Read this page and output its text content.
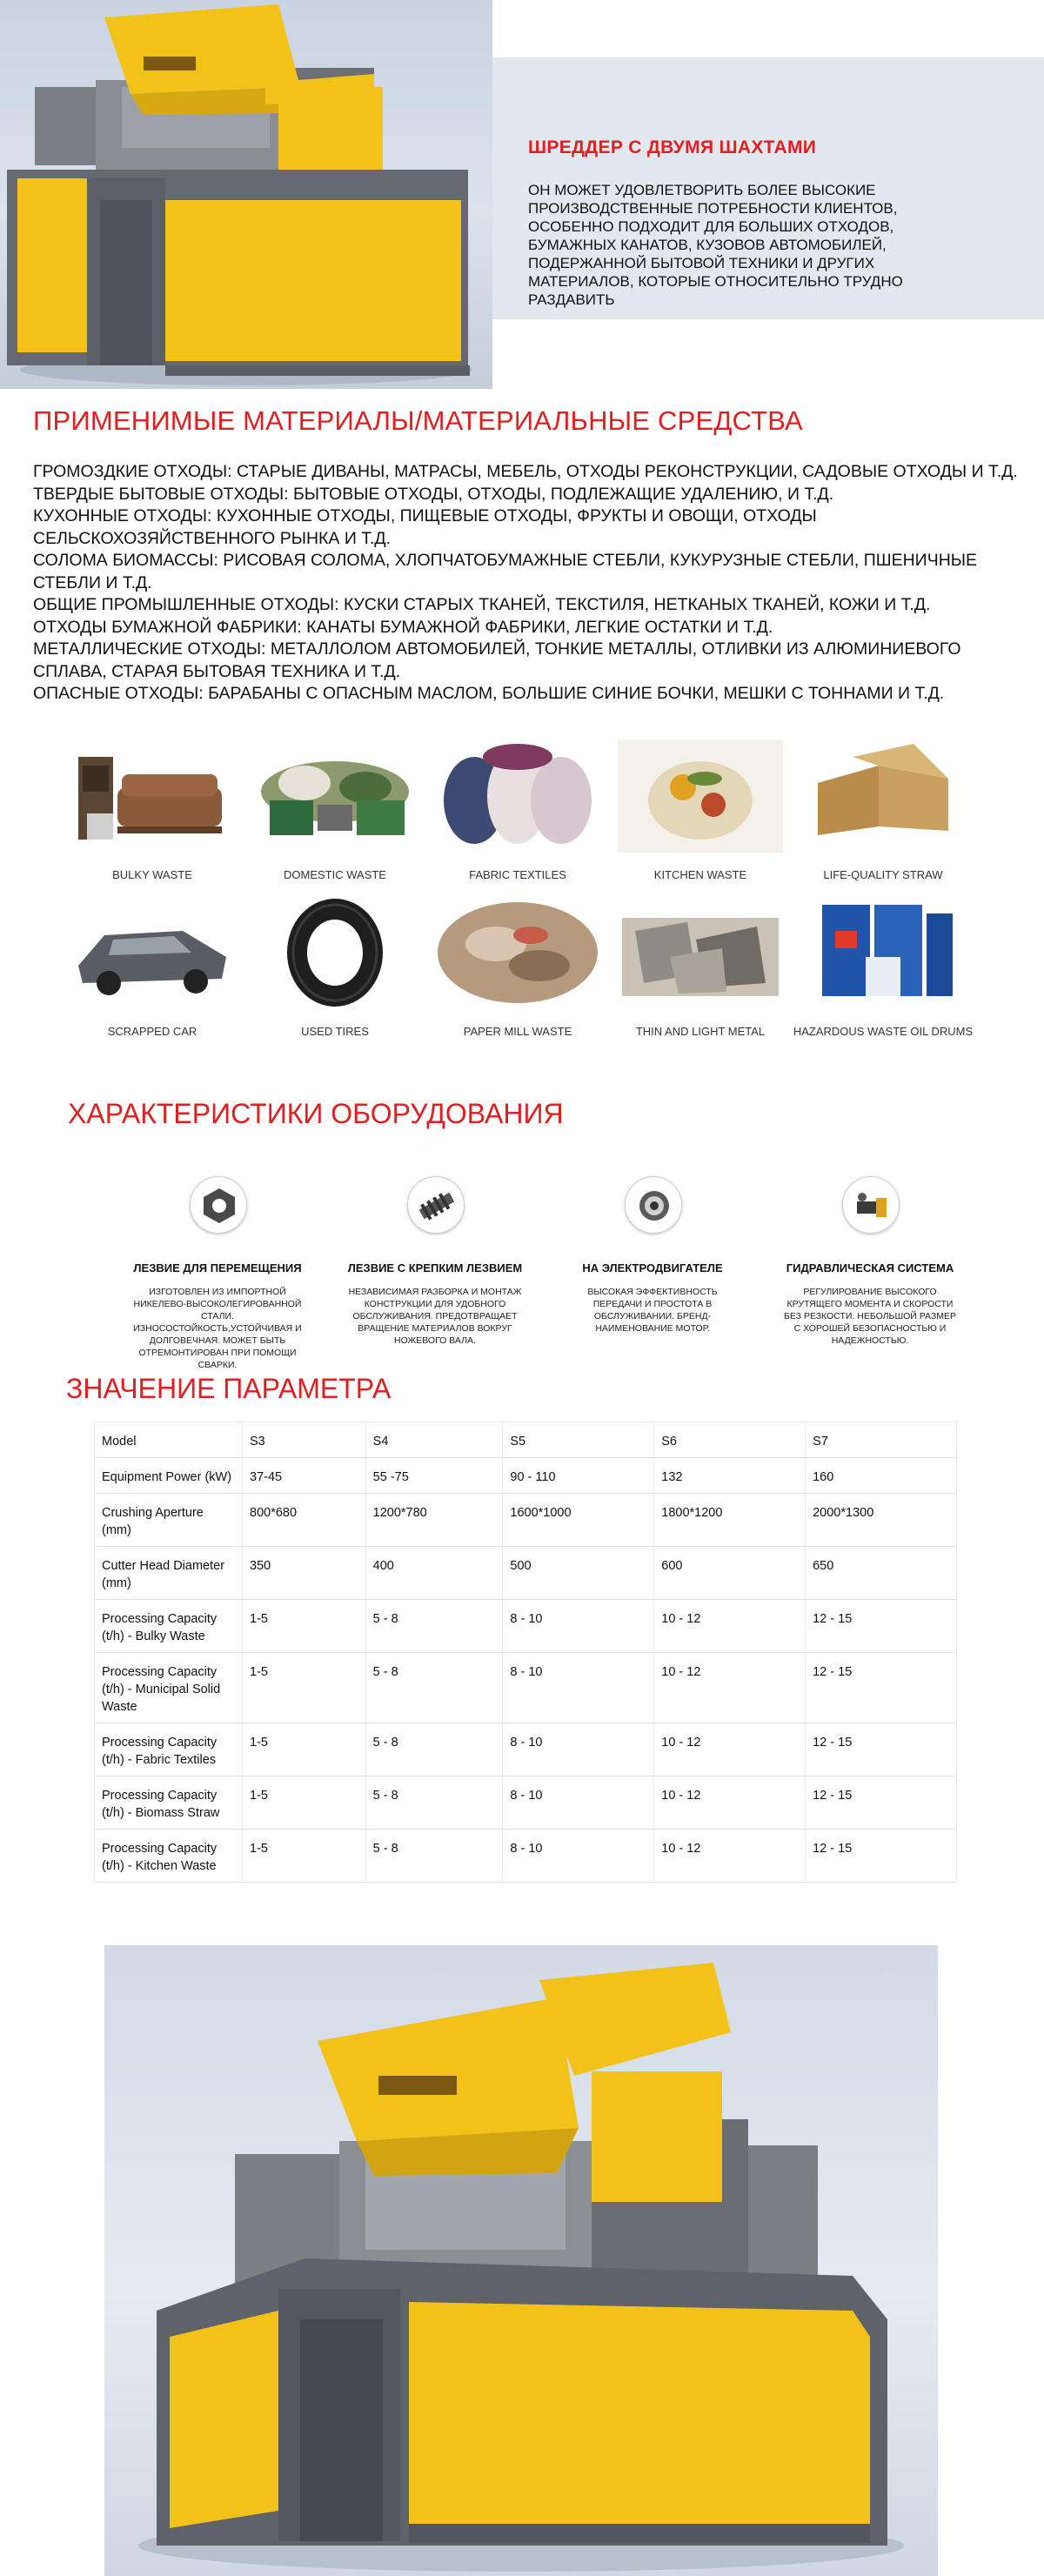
ШРЕДДЕР С ДВУМЯ ШАХТАМИ
ОН МОЖЕТ УДОВЛЕТВОРИТЬ БОЛЕЕ ВЫСОКИЕ ПРОИЗВОДСТВЕННЫЕ ПОТРЕБНОСТИ КЛИЕНТОВ, ОСОБЕННО ПОДХОДИТ ДЛЯ БОЛЬШИХ ОТХОДОВ, БУМАЖНЫХ КАНАТОВ, КУЗОВОВ АВТОМОБИЛЕЙ, ПОДЕРЖАННОЙ БЫТОВОЙ ТЕХНИКИ И ДРУГИХ МАТЕРИАЛОВ, КОТОРЫЕ ОТНОСИТЕЛЬНО ТРУДНО РАЗДАВИТЬ
ПРИМЕНИМЫЕ МАТЕРИАЛЫ/МАТЕРИАЛЬНЫЕ СРЕДСТВА
ГРОМОЗДКИЕ ОТХОДЫ: СТАРЫЕ ДИВАНЫ, МАТРАСЫ, МЕБЕЛЬ, ОТХОДЫ РЕКОНСТРУКЦИИ, САДОВЫЕ ОТХОДЫ И Т.Д.
ТВЕРДЫЕ БЫТОВЫЕ ОТХОДЫ: БЫТОВЫЕ ОТХОДЫ, ОТХОДЫ, ПОДЛЕЖАЩИЕ УДАЛЕНИЮ, И Т.Д.
КУХОННЫЕ ОТХОДЫ: КУХОННЫЕ ОТХОДЫ, ПИЩЕВЫЕ ОТХОДЫ, ФРУКТЫ И ОВОЩИ, ОТХОДЫ СЕЛЬСКОХОЗЯЙСТВЕННОГО РЫНКА И Т.Д.
СОЛОМА БИОМАССЫ: РИСОВАЯ СОЛОМА, ХЛОПЧАТОБУМАЖНЫЕ СТЕБЛИ, КУКУРУЗНЫЕ СТЕБЛИ, ПШЕНИЧНЫЕ СТЕБЛИ И Т.Д.
ОБЩИЕ ПРОМЫШЛЕННЫЕ ОТХОДЫ: КУСКИ СТАРЫХ ТКАНЕЙ, ТЕКСТИЛЯ, НЕТКАНЫХ ТКАНЕЙ, КОЖИ И Т.Д.
ОТХОДЫ БУМАЖНОЙ ФАБРИКИ: КАНАТЫ БУМАЖНОЙ ФАБРИКИ, ЛЕГКИЕ ОСТАТКИ И Т.Д.
МЕТАЛЛИЧЕСКИЕ ОТХОДЫ: МЕТАЛЛОЛОМ АВТОМОБИЛЕЙ, ТОНКИЕ МЕТАЛЛЫ, ОТЛИВКИ ИЗ АЛЮМИНИЕВОГО СПЛАВА, СТАРАЯ БЫТОВАЯ ТЕХНИКА И Т.Д.
ОПАСНЫЕ ОТХОДЫ: БАРАБАНЫ С ОПАСНЫМ МАСЛОМ, БОЛЬШИЕ СИНИЕ БОЧКИ, МЕШКИ С ТОННАМИ И Т.Д.
BULKY WASTE	DOMESTIC WASTE	FABRIC TEXTILES	KITCHEN WASTE	LIFE-QUALITY STRAW
SCRAPPED CAR	USED TIRES	PAPER MILL WASTE	THIN AND LIGHT METAL	HAZARDOUS WASTE OIL DRUMS
ХАРАКТЕРИСТИКИ ОБОРУДОВАНИЯ
ЛЕЗВИЕ ДЛЯ ПЕРЕМЕЩЕНИЯ
ИЗГОТОВЛЕН ИЗ ИМПОРТНОЙ НИКЕЛЕВО-ВЫСОКОЛЕГИРОВАННОЙ СТАЛИ. ИЗНОСОСТОЙКОСТЬ,УСТОЙЧИВАЯ И ДОЛГОВЕЧНАЯ. МОЖЕТ БЫТЬ ОТРЕМОНТИРОВАН ПРИ ПОМОЩИ СВАРКИ.
ЛЕЗВИЕ С КРЕПКИМ ЛЕЗВИЕМ
НЕЗАВИСИМАЯ РАЗБОРКА И МОНТАЖ КОНСТРУКЦИИ ДЛЯ УДОБНОГО ОБСЛУЖИВАНИЯ. ПРЕДОТВРАЩАЕТ ВРАЩЕНИЕ МАТЕРИАЛОВ ВОКРУГ НОЖЕВОГО ВАЛА.
НА ЭЛЕКТРОДВИГАТЕЛЕ
ВЫСОКАЯ ЭФФЕКТИВНОСТЬ ПЕРЕДАЧИ И ПРОСТОТА В ОБСЛУЖИВАНИИ. БРЕНД-НАИМЕНОВАНИЕ МОТОР.
ГИДРАВЛИЧЕСКАЯ СИСТЕМА
РЕГУЛИРОВАНИЕ ВЫСОКОГО КРУТЯЩЕГО МОМЕНТА И СКОРОСТИ БЕЗ РЕЗКОСТИ. НЕБОЛЬШОЙ РАЗМЕР С ХОРОШЕЙ БЕЗОПАСНОСТЬЮ И НАДЕЖНОСТЬЮ.
ЗНАЧЕНИЕ ПАРАМЕТРА
Model	S3	S4	S5	S6	S7
Equipment Power (kW)	37-45	55 -75	90 - 110	132	160
Crushing Aperture (mm)	800*680	1200*780	1600*1000	1800*1200	2000*1300
Cutter Head Diameter (mm)	350	400	500	600	650
Processing Capacity (t/h) - Bulky Waste	1-5	5 - 8	8 - 10	10 - 12	12 - 15
Processing Capacity (t/h) - Municipal Solid Waste	1-5	5 - 8	8 - 10	10 - 12	12 - 15
Processing Capacity (t/h) - Fabric Textiles	1-5	5 - 8	8 - 10	10 - 12	12 - 15
Processing Capacity (t/h) - Biomass Straw	1-5	5 - 8	8 - 10	10 - 12	12 - 15
Processing Capacity (t/h) - Kitchen Waste	1-5	5 - 8	8 - 10	10 - 12	12 - 15
